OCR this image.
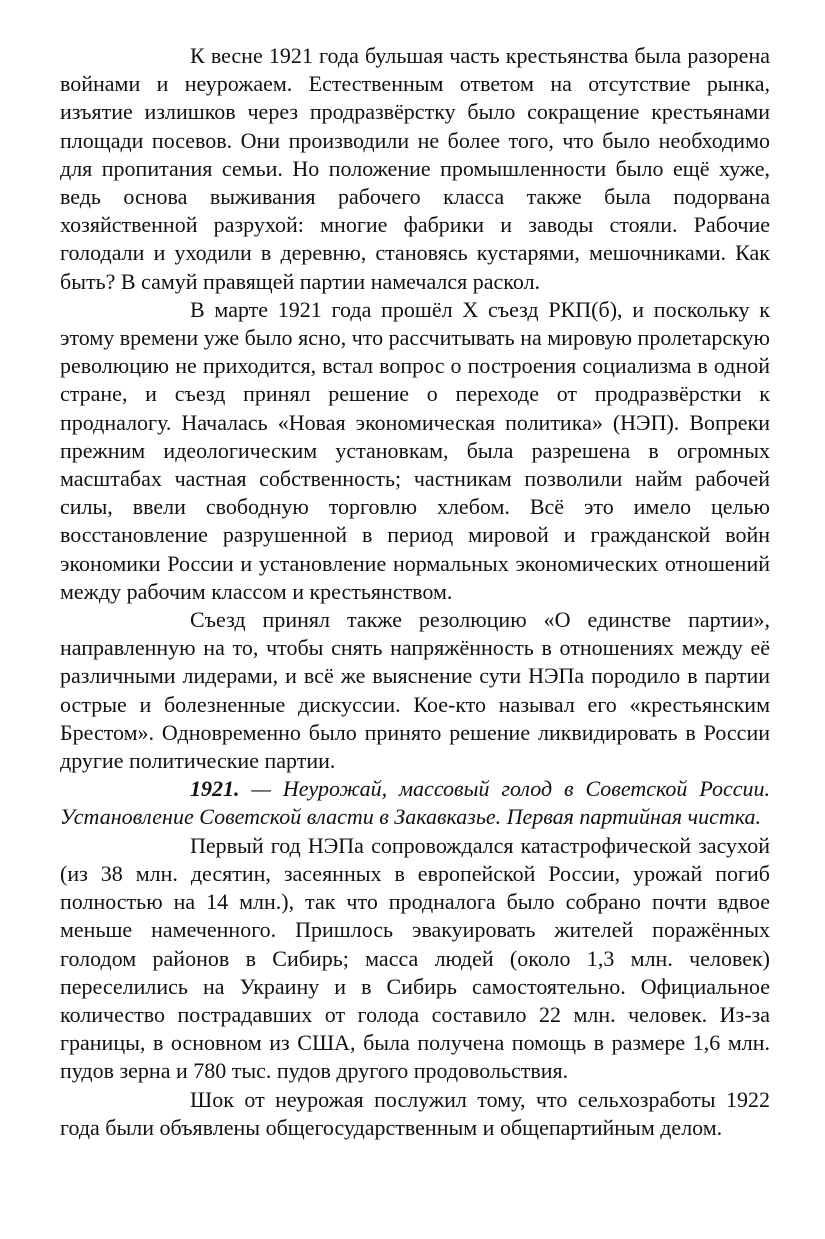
К весне 1921 года бульшая часть крестьянства была разорена войнами и неурожаем. Естественным ответом на отсутствие рынка, изъятие излишков через продразвёрстку было сокращение крестьянами площади посевов. Они производили не более того, что было необходимо для пропитания семьи. Но положение промышленности было ещё хуже, ведь основа выживания рабочего класса также была подорвана хозяйственной разрухой: многие фабрики и заводы стояли. Рабочие голодали и уходили в деревню, становясь кустарями, мешочниками. Как быть? В самуй правящей партии намечался раскол.

В марте 1921 года прошёл X съезд РКП(б), и поскольку к этому времени уже было ясно, что рассчитывать на мировую пролетарскую революцию не приходится, встал вопрос о построения социализма в одной стране, и съезд принял решение о переходе от продразвёрстки к продналогу. Началась «Новая экономическая политика» (НЭП). Вопреки прежним идеологическим установкам, была разрешена в огромных масштабах частная собственность; частникам позволили найм рабочей силы, ввели свободную торговлю хлебом. Всё это имело целью восстановление разрушенной в период мировой и гражданской войн экономики России и установление нормальных экономических отношений между рабочим классом и крестьянством.

Съезд принял также резолюцию «О единстве партии», направленную на то, чтобы снять напряжённость в отношениях между её различными лидерами, и всё же выяснение сути НЭПа породило в партии острые и болезненные дискуссии. Кое-кто называл его «крестьянским Брестом». Одновременно было принято решение ликвидировать в России другие политические партии.

1921. — Неурожай, массовый голод в Советской России. Установление Советской власти в Закавказье. Первая партийная чистка.

Первый год НЭПа сопровождался катастрофической засухой (из 38 млн. десятин, засеянных в европейской России, урожай погиб полностью на 14 млн.), так что продналога было собрано почти вдвое меньше намеченного. Пришлось эвакуировать жителей поражённых голодом районов в Сибирь; масса людей (около 1,3 млн. человек) переселились на Украину и в Сибирь самостоятельно. Официальное количество пострадавших от голода составило 22 млн. человек. Из-за границы, в основном из США, была получена помощь в размере 1,6 млн. пудов зерна и 780 тыс. пудов другого продовольствия.

Шок от неурожая послужил тому, что сельхозработы 1922 года были объявлены общегосударственным и общепартийным делом.
